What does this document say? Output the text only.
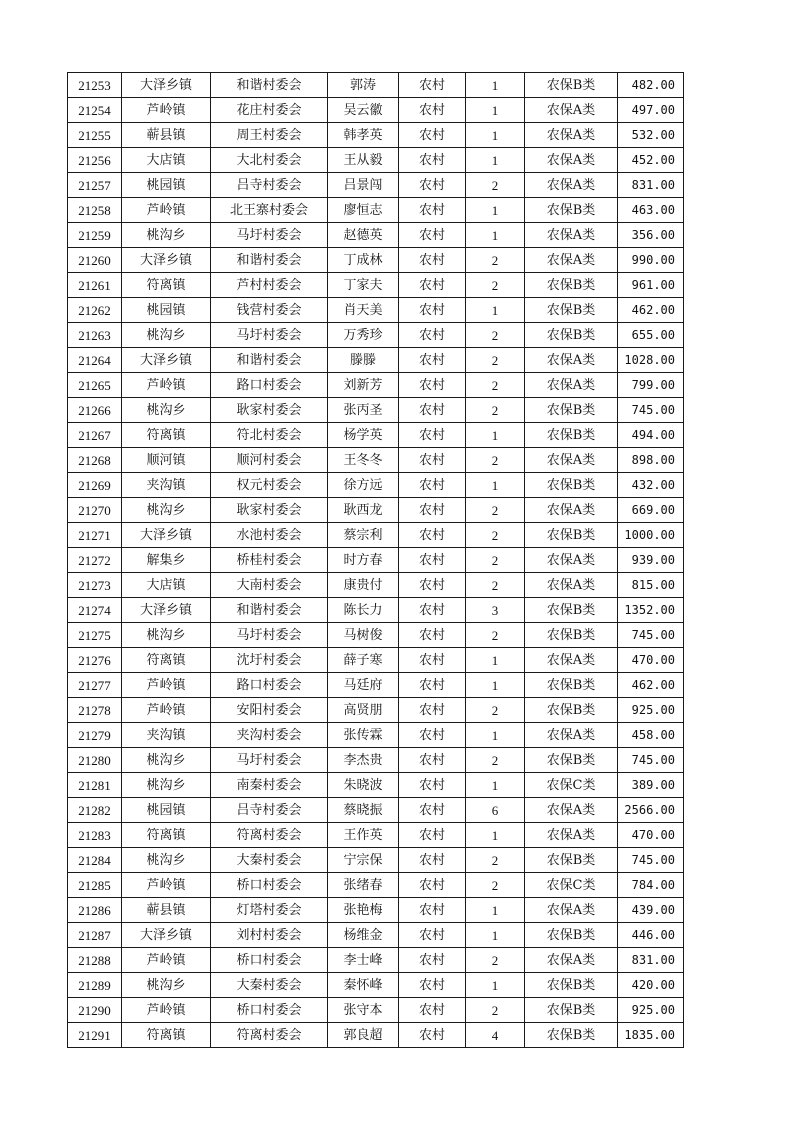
21253	大泽乡镇	和谐村委会	郭涛	农村	1	农保B类	482.00
21254	芦岭镇	花庄村委会	吴云徽	农村	1	农保A类	497.00
21255	蕲县镇	周王村委会	韩孝英	农村	1	农保A类	532.00
21256	大店镇	大北村委会	王从毅	农村	1	农保A类	452.00
21257	桃园镇	吕寺村委会	吕景闯	农村	2	农保A类	831.00
21258	芦岭镇	北王寨村委会	廖恒志	农村	1	农保B类	463.00
21259	桃沟乡	马圩村委会	赵德英	农村	1	农保A类	356.00
21260	大泽乡镇	和谐村委会	丁成林	农村	2	农保A类	990.00
21261	符离镇	芦村村委会	丁家夫	农村	2	农保B类	961.00
21262	桃园镇	钱营村委会	肖天美	农村	1	农保B类	462.00
21263	桃沟乡	马圩村委会	万秀珍	农村	2	农保B类	655.00
21264	大泽乡镇	和谐村委会	滕滕	农村	2	农保A类	1028.00
21265	芦岭镇	路口村委会	刘新芳	农村	2	农保A类	799.00
21266	桃沟乡	耿家村委会	张丙圣	农村	2	农保B类	745.00
21267	符离镇	符北村委会	杨学英	农村	1	农保B类	494.00
21268	顺河镇	顺河村委会	王冬冬	农村	2	农保A类	898.00
21269	夹沟镇	权元村委会	徐方远	农村	1	农保B类	432.00
21270	桃沟乡	耿家村委会	耿西龙	农村	2	农保A类	669.00
21271	大泽乡镇	水池村委会	蔡宗利	农村	2	农保B类	1000.00
21272	解集乡	桥桂村委会	时方春	农村	2	农保A类	939.00
21273	大店镇	大南村委会	康贵付	农村	2	农保A类	815.00
21274	大泽乡镇	和谐村委会	陈长力	农村	3	农保B类	1352.00
21275	桃沟乡	马圩村委会	马树俊	农村	2	农保B类	745.00
21276	符离镇	沈圩村委会	薛子寒	农村	1	农保A类	470.00
21277	芦岭镇	路口村委会	马廷府	农村	1	农保B类	462.00
21278	芦岭镇	安阳村委会	高贤朋	农村	2	农保B类	925.00
21279	夹沟镇	夹沟村委会	张传霖	农村	1	农保A类	458.00
21280	桃沟乡	马圩村委会	李杰贵	农村	2	农保B类	745.00
21281	桃沟乡	南秦村委会	朱晓波	农村	1	农保C类	389.00
21282	桃园镇	吕寺村委会	蔡晓振	农村	6	农保A类	2566.00
21283	符离镇	符离村委会	王作英	农村	1	农保A类	470.00
21284	桃沟乡	大秦村委会	宁宗保	农村	2	农保B类	745.00
21285	芦岭镇	桥口村委会	张绪春	农村	2	农保C类	784.00
21286	蕲县镇	灯塔村委会	张艳梅	农村	1	农保A类	439.00
21287	大泽乡镇	刘村村委会	杨维金	农村	1	农保B类	446.00
21288	芦岭镇	桥口村委会	李士峰	农村	2	农保A类	831.00
21289	桃沟乡	大秦村委会	秦怀峰	农村	1	农保B类	420.00
21290	芦岭镇	桥口村委会	张守本	农村	2	农保B类	925.00
21291	符离镇	符离村委会	郭良超	农村	4	农保B类	1835.00
